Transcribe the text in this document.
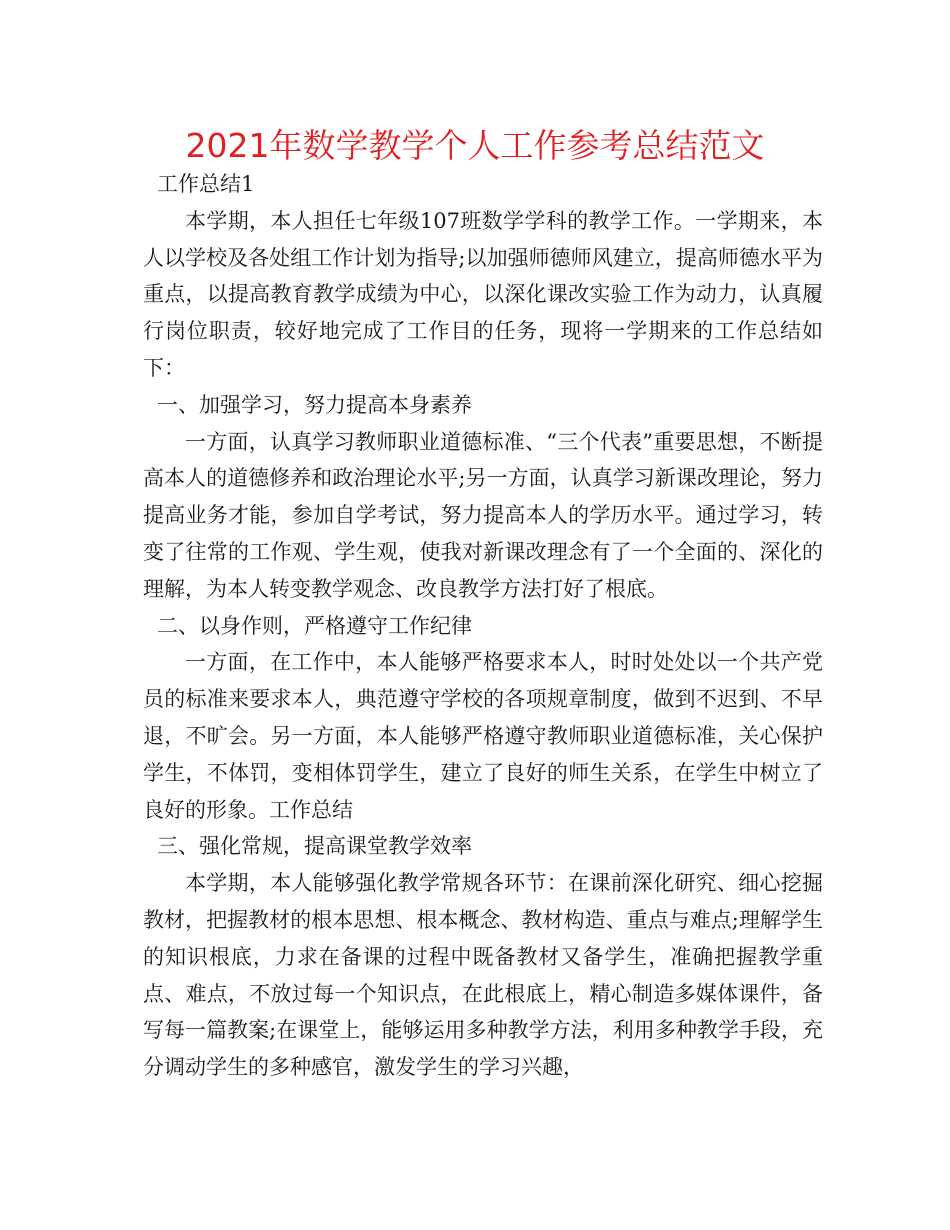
2021年数学教学个人工作参考总结范文

工作总结1

本学期，本人担任七年级107班数学学科的教学工作。一学期来，本人以学校及各处组工作计划为指导;以加强师德师风建立，提高师德水平为重点，以提高教育教学成绩为中心，以深化课改实验工作为动力，认真履行岗位职责，较好地完成了工作目的任务，现将一学期来的工作总结如下：

一、加强学习，努力提高本身素养

一方面，认真学习教师职业道德标准、“三个代表”重要思想，不断提高本人的道德修养和政治理论水平;另一方面，认真学习新课改理论，努力提高业务才能，参加自学考试，努力提高本人的学历水平。通过学习，转变了往常的工作观、学生观，使我对新课改理念有了一个全面的、深化的理解，为本人转变教学观念、改良教学方法打好了根底。

二、以身作则，严格遵守工作纪律

一方面，在工作中，本人能够严格要求本人，时时处处以一个共产党员的标准来要求本人，典范遵守学校的各项规章制度，做到不迟到、不早退，不旷会。另一方面，本人能够严格遵守教师职业道德标准，关心保护学生，不体罚，变相体罚学生，建立了良好的师生关系，在学生中树立了良好的形象。工作总结

三、强化常规，提高课堂教学效率

本学期，本人能够强化教学常规各环节：在课前深化研究、细心挖掘教材，把握教材的根本思想、根本概念、教材构造、重点与难点;理解学生的知识根底，力求在备课的过程中既备教材又备学生，准确把握教学重点、难点，不放过每一个知识点，在此根底上，精心制造多媒体课件，备写每一篇教案;在课堂上，能够运用多种教学方法，利用多种教学手段，充分调动学生的多种感官，激发学生的学习兴趣，
